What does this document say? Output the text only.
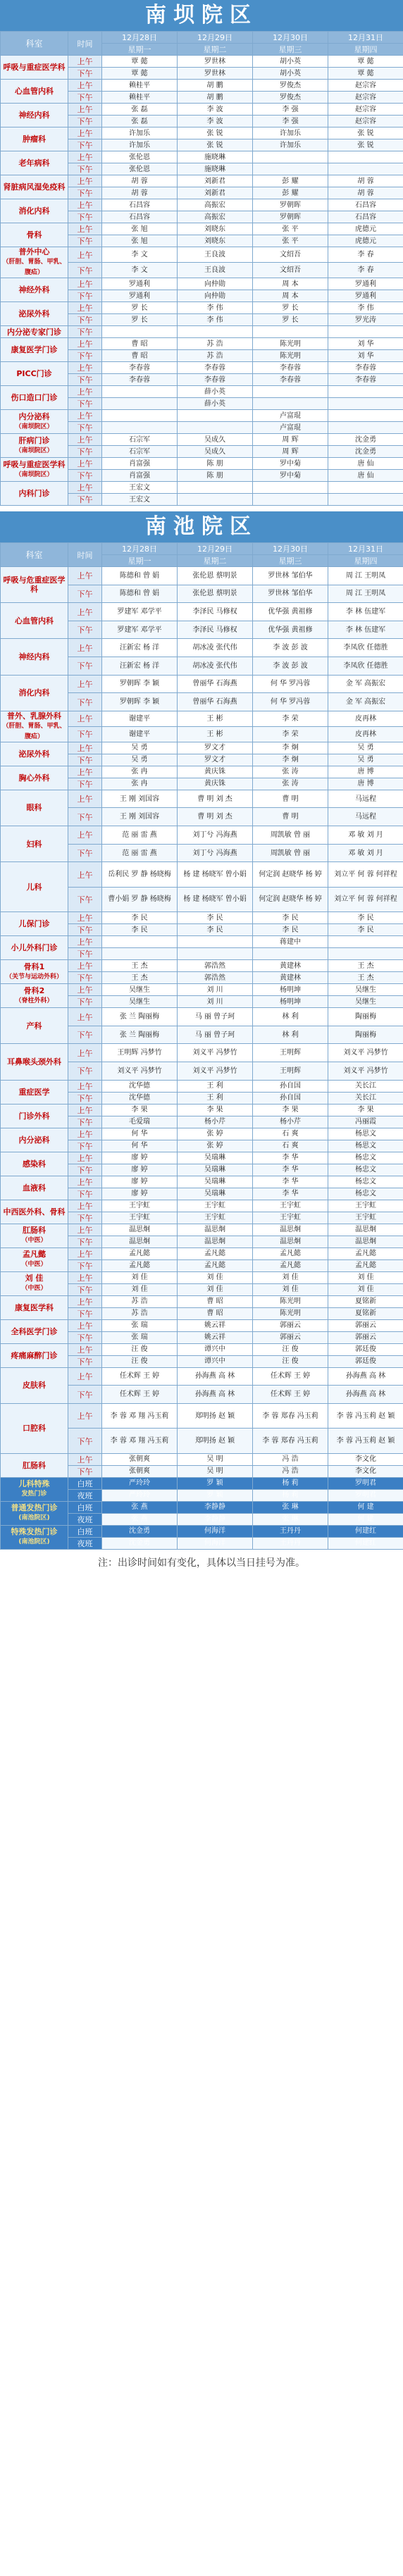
南坝院区
科室	时间	12月28日	12月29日	12月30日	12月31日
		星期一	星期二	星期三	星期四

呼吸与重症医学科	上午	覃 懿	罗世林	胡小英	覃 懿
	下午	覃 懿	罗世林	胡小英	覃 懿

心血管内科	上午	赖桂平	胡 鹏	罗俊杰	赵宗容
	下午	赖桂平	胡 鹏	罗俊杰	赵宗容

神经内科	上午	张 磊	李 波	李 强	赵宗容
	下午	张 磊	李 波	李 强	赵宗容

肿瘤科	上午	许加乐	张 锐	许加乐	张 锐
	下午	许加乐	张 锐	许加乐	张 锐

老年病科	上午	张伦恩	施晓琳		
	下午	张伦恩	施晓琳		

肾脏病风湿免疫科	上午	胡 蓉	刘新君	彭 耀	胡 蓉
	下午	胡 蓉	刘新君	彭 耀	胡 蓉

消化内科	上午	石昌容	高振宏	罗朝晖	石昌容
	下午	石昌容	高振宏	罗朝晖	石昌容

骨科	上午	张 旭	刘晓东	张 平	虎德元
	下午	张 旭	刘晓东	张 平	虎德元

普外中心
（肝胆、胃肠、甲乳、腹疝）	上午	李 文	王良波	文绍吾	李 春
	下午	李 文	王良波	文绍吾	李 春

神经外科	上午	罗通利	向仲勋	周 本	罗通利
	下午	罗通利	向仲勋	周 本	罗通利

泌尿外科	上午	罗 长	李 伟	罗 长	李 伟
	下午	罗 长	李 伟	罗 长	罗光涛

内分泌专家门诊	下午				

康复医学门诊	上午	曹 昭	苏 浩	陈光明	刘 华
	下午	曹 昭	苏 浩	陈光明	刘 华

PICC门诊	上午	李春蓉	李春蓉	李春蓉	李春蓉
	下午	李春蓉	李春蓉	李春蓉	李春蓉

伤口造口门诊	上午		薛小英		
	下午		薛小英		

内分泌科
（南坝院区）	上午			卢富琨	
	下午			卢富琨	

肝病门诊
（南坝院区）	上午	石宗军	吴成久	周 辉	沈金勇
	下午	石宗军	吴成久	周 辉	沈金勇

呼吸与重症医学科
（南坝院区）	上午	肖富强	陈 朋	罗中菊	唐 仙
	下午	肖富强	陈 朋	罗中菊	唐 仙

内科门诊	上午	王宏文			
	下午	王宏文			
南池院区
科室	时间	12月28日	12月29日	12月30日	12月31日
		星期一	星期二	星期三	星期四

呼吸与危重症医学科	上午	陈德和 曾 娟	张伦恩 蔡明景	罗世林 邹伯华	周 江 王明凤
	下午	陈德和 曾 娟	张伦恩 蔡明景	罗世林 邹伯华	周 江 王明凤

心血管内科	上午	罗建军 邓学平	李泽民 马修权	优华强 黄祖修	李 林 伍建军
	下午	罗建军 邓学平	李泽民 马修权	优华强 黄祖修	李 林 伍建军

神经内科	上午	汪新宏 杨 洋	胡冰凌 张代伟	李 波 彭 波	李凤欣 任德胜
	下午	汪新宏 杨 洋	胡冰凌 张代伟	李 波 彭 波	李凤欣 任德胜

消化内科	上午	罗朝晖 李 颖	曾丽华 石海燕	何 华 罗冯蓉	金 军 高振宏
	下午	罗朝晖 李 颖	曾丽华 石海燕	何 华 罗冯蓉	金 军 高振宏

普外、乳腺外科
（肝胆、胃肠、甲乳、腹疝）	上午	谢建平	王 彬	李 荣	皮再林
	下午	谢建平	王 彬	李 荣	皮再林

泌尿外科	上午	吴 勇	罗文才	李 炯	吴 勇
	下午	吴 勇	罗文才	李 炯	吴 勇

胸心外科	上午	张 冉	黄庆铢	张 涛	唐 博
	下午	张 冉	黄庆铢	张 涛	唐 博

眼科	上午	王 刚 刘国容	曹 明 刘 杰	曹 明	马远程
	下午	王 刚 刘国容	曹 明 刘 杰	曹 明	马远程

妇科	上午	范 丽 雷 燕	刘丁兮 冯海燕	周凯敏 曾 丽	邓 敏 刘 月
	下午	范 丽 雷 燕	刘丁兮 冯海燕	周凯敏 曾 丽	邓 敏 刘 月

儿科	上午	岳利民 罗 静 杨晓梅	杨 建 杨晓军 曾小娟	何定润 赵晓华 杨 婷	刘立平 何 蓉 何祥程
	下午	曹小娟 罗 静 杨晓梅	杨 建 杨晓军 曾小娟	何定润 赵晓华 杨 婷	刘立平 何 蓉 何祥程

儿保门诊	上午	李 民	李 民	李 民	李 民
	下午	李 民	李 民	李 民	李 民

小儿外科门诊	上午			蒋建中	
	下午				

骨科1
（关节与运动外科）	上午	王 杰	郭浩然	黄建林	王 杰
	下午	王 杰	郭浩然	黄建林	王 杰

骨科2
（脊柱外科）	上午	吴继生	刘 川	杨明坤	吴继生
	下午	吴继生	刘 川	杨明坤	吴继生

产科	上午	张 兰 陶丽梅	马 丽 曾子珂	林 利	陶丽梅
	下午	张 兰 陶丽梅	马 丽 曾子珂	林 利	陶丽梅

耳鼻喉头颈外科	上午	王明辉 冯梦竹	刘义平 冯梦竹	王明辉	刘义平 冯梦竹
	下午	刘义平 冯梦竹	刘义平 冯梦竹	王明辉	刘义平 冯梦竹

重症医学	上午	沈华德	王 利	孙自国	关长江
	下午	沈华德	王 利	孙自国	关长江

门诊外科	上午	李 果	李 果	李 果	李 果
	下午	毛爱瑞	杨小芹	杨小芹	冯丽霞

内分泌科	上午	何 华	张 婷	石 爽	杨思文
	下午	何 华	张 婷	石 爽	杨思文

感染科	上午	廖 婷	吴瑞琳	李 华	杨忠文
	下午	廖 婷	吴瑞琳	李 华	杨忠文

血液科	上午	廖 婷	吴瑞琳	李 华	杨忠文
	下午	廖 婷	吴瑞琳	李 华	杨忠文

中西医外科、骨科	上午	王宇虹	王宇虹	王宇虹	王宇虹
	下午	王宇虹	王宇虹	王宇虹	王宇虹

肛肠科
（中医）	上午	温思炯	温思炯	温思炯	温思炯
	下午	温思炯	温思炯	温思炯	温思炯

孟凡懿
（中医）	上午	孟凡懿	孟凡懿	孟凡懿	孟凡懿
	下午	孟凡懿	孟凡懿	孟凡懿	孟凡懿

刘 佳
（中医）	上午	刘 佳	刘 佳	刘 佳	刘 佳
	下午	刘 佳	刘 佳	刘 佳	刘 佳

康复医学科	上午	苏 浩	曹 昭	陈光明	夏铭新
	下午	苏 浩	曹 昭	陈光明	夏铭新

全科医学门诊	上午	张 瑞	姚云祥	郭丽云	郭丽云
	下午	张 瑞	姚云祥	郭丽云	郭丽云

疼痛麻醉门诊	上午	汪 俊	谭兴中	汪 俊	郭廷俊
	下午	汪 俊	谭兴中	汪 俊	郭廷俊

皮肤科	上午	任术辉 王 婷	孙海燕 高 林	任术辉 王 婷	孙海燕 高 林
	下午	任术辉 王 婷	孙海燕 高 林	任术辉 王 婷	孙海燕 高 林

口腔科	上午	李 蓉 邓 翔 冯玉莉	郑明扬 赵 颖	李 蓉 郑春 冯玉莉	李 蓉 冯玉莉 赵 颖
	下午	李 蓉 邓 翔 冯玉莉	郑明扬 赵 颖	李 蓉 郑春 冯玉莉	李 蓉 冯玉莉 赵 颖

肛肠科	上午	张朝爽	吴 明	冯 浩	李文化
	下午	张朝爽	吴 明	冯 浩	李文化

儿科特殊
发热门诊	白班	严玲玲	罗 颖	杨 莉	罗明君
	夜班	严玲玲	罗 颖	杨 莉	罗明君

普通发热门诊
(南池院区)	白班	张 燕	李静静	张 琳	何 建
	夜班	张 燕	李静静	张 琳	何 建

特殊发热门诊
(南池院区)	白班	沈金勇	何海洋	王丹丹	何建红
	夜班	沈金勇	何海洋	王丹丹	何建红
注：出诊时间如有变化，具体以当日挂号为准。
